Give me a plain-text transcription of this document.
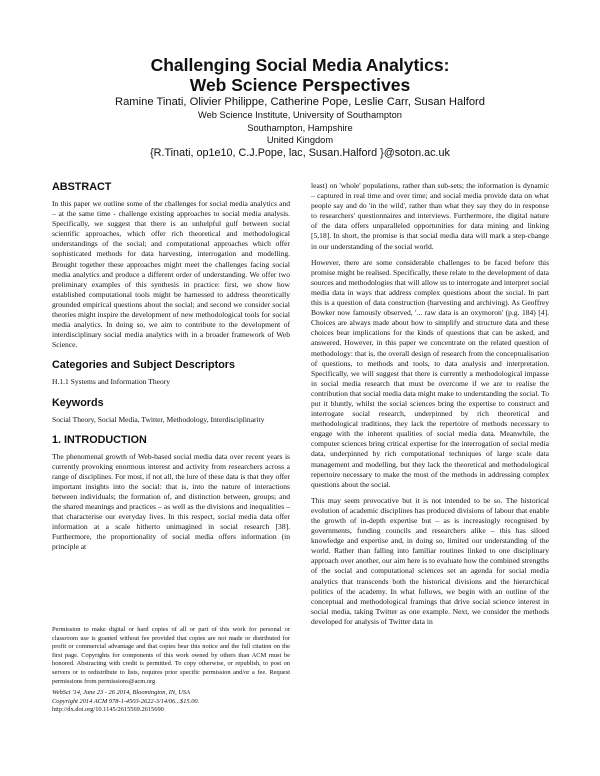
Challenging Social Media Analytics:
Web Science Perspectives
Ramine Tinati, Olivier Philippe, Catherine Pope, Leslie Carr, Susan Halford
Web Science Institute, University of Southampton
Southampton, Hampshire
United Kingdom
{R.Tinati, op1e10, C.J.Pope, lac, Susan.Halford }@soton.ac.uk
ABSTRACT

In this paper we outline some of the challenges for social media analytics and – at the same time - challenge existing approaches to social media analysis. Specifically, we suggest that there is an unhelpful gulf between social scientific approaches, which offer rich theoretical and methodological understandings of the social; and computational approaches which offer sophisticated methods for data harvesting, interrogation and modelling. Brought together these approaches might meet the challenges facing social media analytics and produce a different order of understanding. We offer two preliminary examples of this synthesis in practice: first, we show how established computational tools might be harnessed to address theoretically grounded empirical questions about the social; and second we consider social theories might inspire the development of new methodological tools for social media analytics. In doing so, we aim to contribute to the development of interdisciplinary social media analytics with in a broader framework of Web Science.

Categories and Subject Descriptors

H.1.1 Systems and Information Theory

Keywords

Social Theory, Social Media, Twitter, Methodology, Interdisciplinarity

1. INTRODUCTION

The phenomenal growth of Web-based social media data over recent years is currently provoking enormous interest and activity from researchers across a range of disciplines. For most, if not all, the lure of these data is that they offer important insights into the social: that is, into the nature of interactions between individuals; the formation of, and distinction between, groups; and the shared meanings and practices – as well as the divisions and inequalities – that characterise our everyday lives. In this respect, social media data offer information at a scale hitherto unimagined in social research [38]. Furthermore, the proportionality of social media offers information (in principle at

Permission to make digital or hard copies of all or part of this work for personal or classroom use is granted without fee provided that copies are not made or distributed for profit or commercial advantage and that copies bear this notice and the full citation on the first page. Copyrights for components of this work owned by others than ACM must be honored. Abstracting with credit is permitted. To copy otherwise, or republish, to post on servers or to redistribute to lists, requires prior specific permission and/or a fee. Request permissions from permissions@acm.org
WebSci '14, June 23 - 26 2014, Bloomington, IN, USA
Copyright 2014 ACM 978-1-4503-2622-3/14/06...$15.00.
http://dx.doi.org/10.1145/2615569.2615690

least) on 'whole' populations, rather than sub-sets; the information is dynamic – captured in real time and over time; and social media provide data on what people say and do 'in the wild', rather than what they say they do in response to researchers' questionnaires and interviews. Furthermore, the digital nature of the data offers unparalleled opportunities for data mining and linking [5,18]. In short, the promise is that social media data will mark a step-change in our understanding of the social world.

However, there are some considerable challenges to be faced before this promise might be realised. Specifically, these relate to the development of data sources and methodologies that will allow us to interrogate and interpret social media data in ways that address complex questions about the social. In part this is a question of data construction (harvesting and archiving). As Geoffrey Bowker now famously observed, '... raw data is an oxymoron' (p.g. 184) [4]. Choices are always made about how to simplify and structure data and these choices bear implications for the kinds of questions that can be asked, and answered. However, in this paper we concentrate on the related question of methodology: that is, the overall design of research from the conceptualisation of questions, to methods and tools, to data analysis and interpretation. Specifically, we will suggest that there is currently a methodological impasse in social media research that must be overcome if we are to realise the contribution that social media data might make to understanding the social. To put it bluntly, whilst the social sciences bring the expertise to construct and interrogate social research, underpinned by rich theoretical and methodological traditions, they lack the repertoire of methods necessary to engage with the inherent qualities of social media data. Meanwhile, the computer sciences bring critical expertise for the interrogation of social media data, underpinned by rich computational techniques of large scale data management and modelling, but they lack the theoretical and methodological repertoire necessary to make the most of the methods in addressing complex questions about the social.

This may seem provocative but it is not intended to be so. The historical evolution of academic disciplines has produced divisions of labour that enable the growth of in-depth expertise but – as is increasingly recognised by governments, funding councils and researchers alike – this has siloed knowledge and expertise and, in doing so, limited our understanding of the world. Rather than falling into familiar routines linked to one disciplinary approach over another, our aim here is to evaluate how the combined strengths of the social and computational sciences set an agenda for social media analytics that transcends both the historical divisions and the hierarchical politics of the academy. In what follows, we begin with an outline of the conceptual and methodological framings that drive social science interest in social media, taking Twitter as one example. Next, we consider the methods developed for analysis of Twitter data in
